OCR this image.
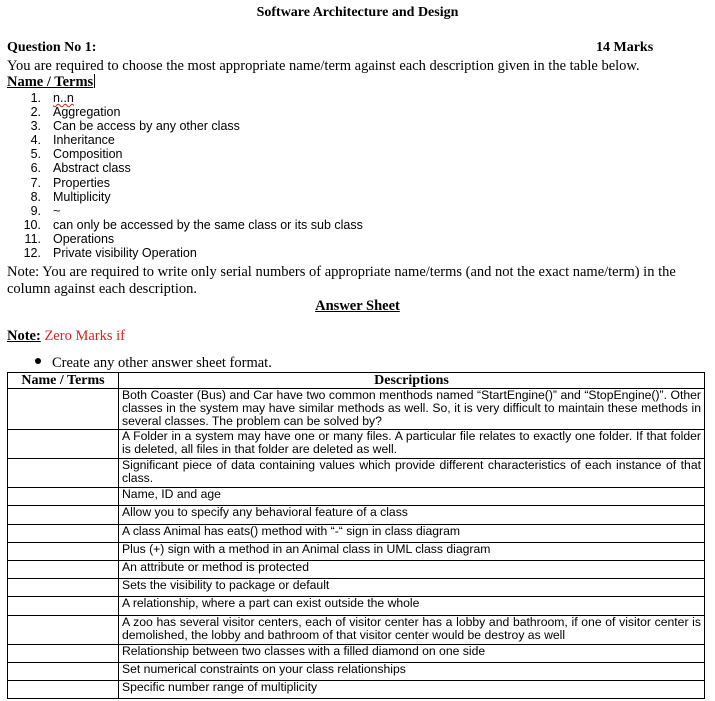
Software Architecture and Design
Question No 1:	14 Marks
You are required to choose the most appropriate name/term against each description given in the table below.
Name / Terms
1. n..n
2. Aggregation
3. Can be access by any other class
4. Inheritance
5. Composition
6. Abstract class
7. Properties
8. Multiplicity
9. ~
10. can only be accessed by the same class or its sub class
11. Operations
12. Private visibility Operation
Note: You are required to write only serial numbers of appropriate name/terms (and not the exact name/term) in the column against each description.
Answer Sheet
Note: Zero Marks if
Create any other answer sheet format.
Name / Terms	Descriptions
	Both Coaster (Bus) and Car have two common menthods named “StartEngine()” and “StopEngine()”. Other classes in the system may have similar methods as well. So, it is very difficult to maintain these methods in several classes. The problem can be solved by?
	A Folder in a system may have one or many files. A particular file relates to exactly one folder. If that folder is deleted, all files in that folder are deleted as well.
	Significant piece of data containing values which provide different characteristics of each instance of that class.
	Name, ID and age
	Allow you to specify any behavioral feature of a class
	A class Animal has eats() method with “-“ sign in class diagram
	Plus (+) sign with a method in an Animal class in UML class diagram
	An attribute or method is protected
	Sets the visibility to package or default
	A relationship, where a part can exist outside the whole
	A zoo has several visitor centers, each of visitor center has a lobby and bathroom, if one of visitor center is demolished, the lobby and bathroom of that visitor center would be destroy as well
	Relationship between two classes with a filled diamond on one side
	Set numerical constraints on your class relationships
	Specific number range of multiplicity
